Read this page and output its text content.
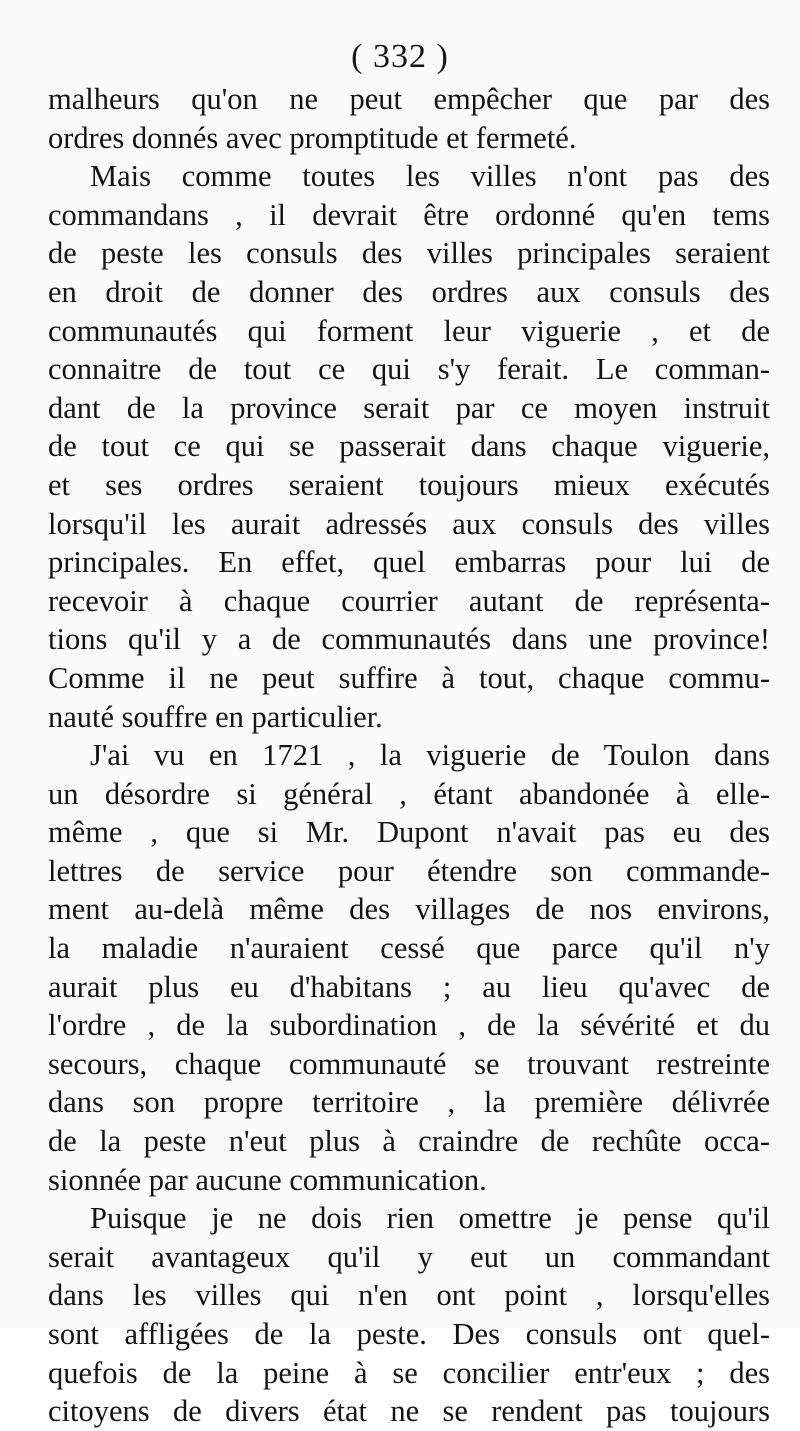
( 332 )
malheurs qu'on ne peut empêcher que par des
ordres donnés avec promptitude et fermeté.
Mais comme toutes les villes n'ont pas des
commandans , il devrait être ordonné qu'en tems
de peste les consuls des villes principales seraient
en droit de donner des ordres aux consuls des
communautés qui forment leur viguerie , et de
connaitre de tout ce qui s'y ferait. Le comman-
dant de la province serait par ce moyen instruit
de tout ce qui se passerait dans chaque viguerie,
et ses ordres seraient toujours mieux exécutés
lorsqu'il les aurait adressés aux consuls des villes
principales. En effet, quel embarras pour lui de
recevoir à chaque courrier autant de représenta-
tions qu'il y a de communautés dans une province!
Comme il ne peut suffire à tout, chaque commu-
nauté souffre en particulier.
J'ai vu en 1721 , la viguerie de Toulon dans
un désordre si général , étant abandonée à elle-
même , que si Mr. Dupont n'avait pas eu des
lettres de service pour étendre son commande-
ment au-delà même des villages de nos environs,
la maladie n'auraient cessé que parce qu'il n'y
aurait plus eu d'habitans ; au lieu qu'avec de
l'ordre , de la subordination , de la sévérité et du
secours, chaque communauté se trouvant restreinte
dans son propre territoire , la première délivrée
de la peste n'eut plus à craindre de rechûte occa-
sionnée par aucune communication.
Puisque je ne dois rien omettre je pense qu'il
serait avantageux qu'il y eut un commandant
dans les villes qui n'en ont point , lorsqu'elles
sont affligées de la peste. Des consuls ont quel-
quefois de la peine à se concilier entr'eux ; des
citoyens de divers état ne se rendent pas toujours
